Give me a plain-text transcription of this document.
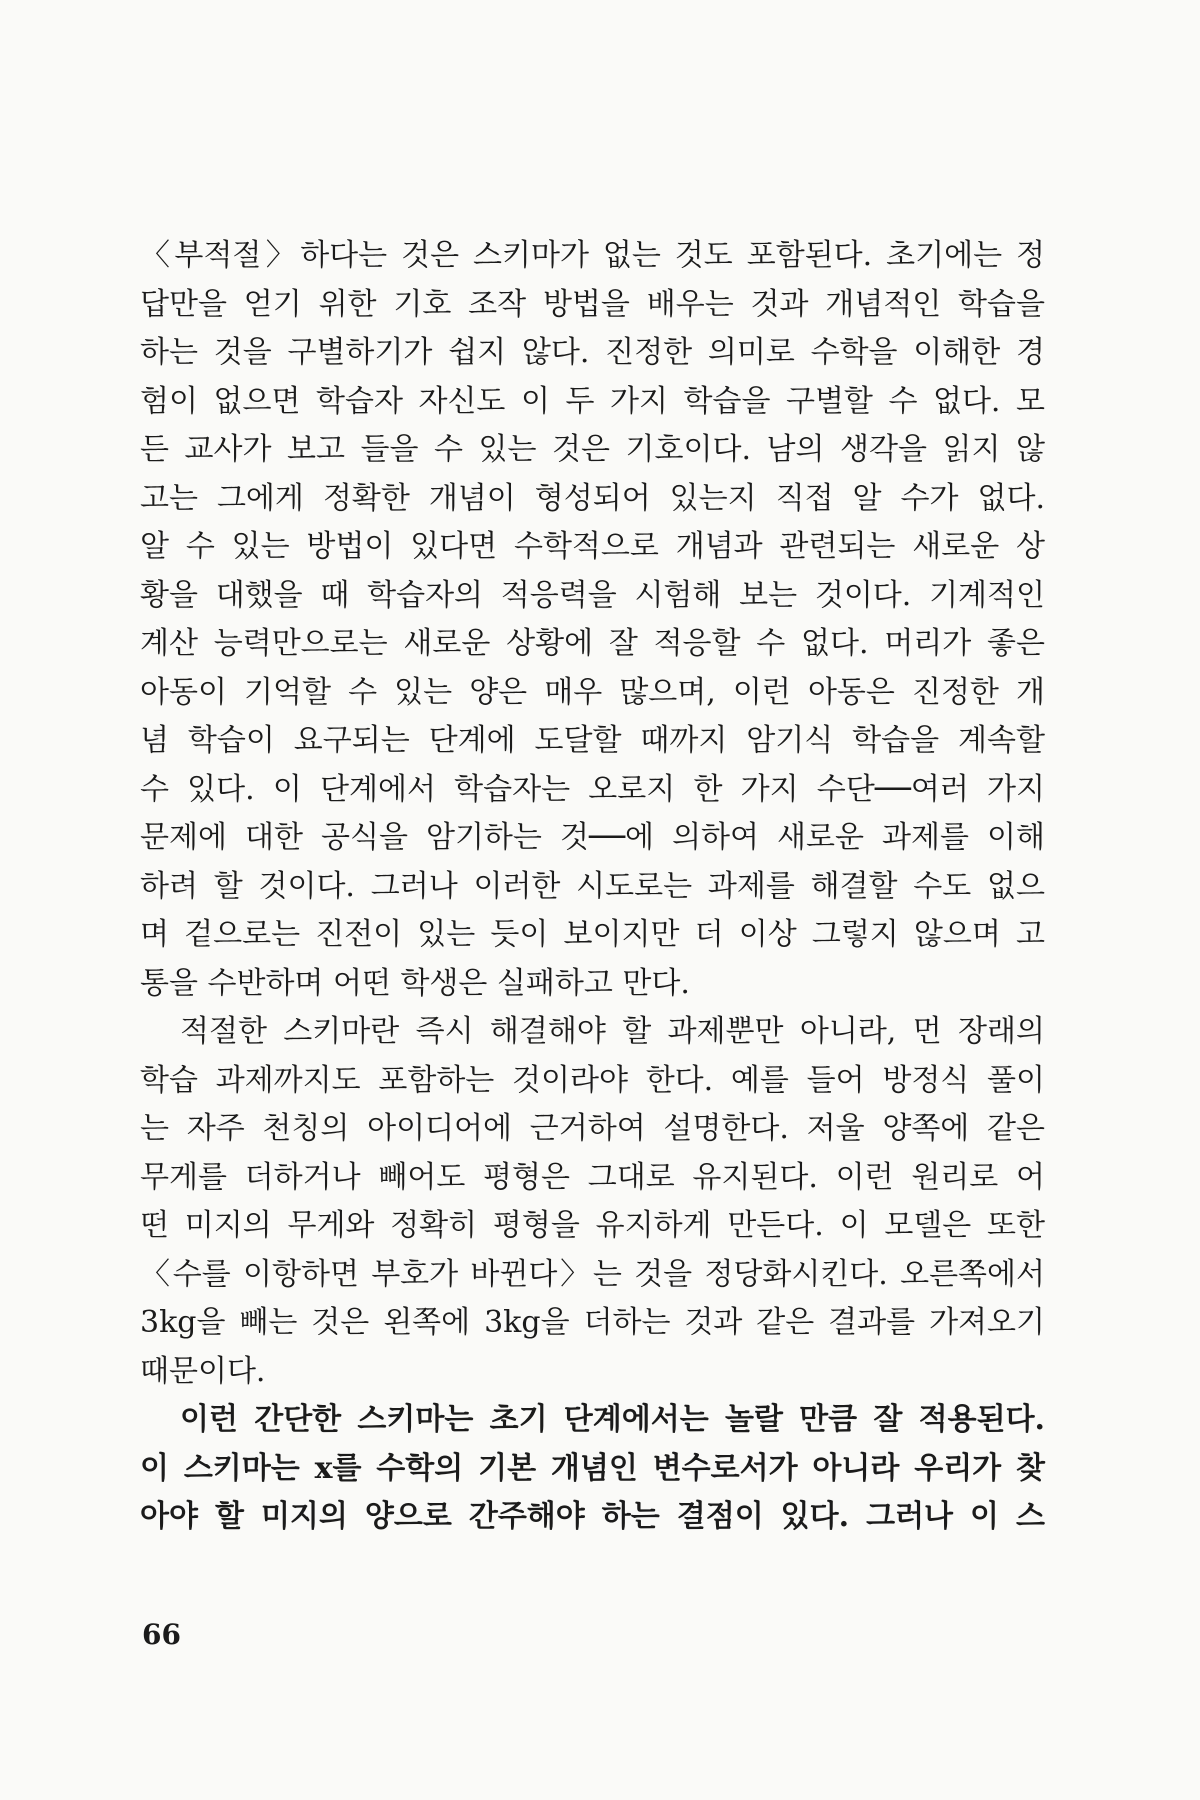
〈부적절〉하다는 것은 스키마가 없는 것도 포함된다. 초기에는 정
답만을 얻기 위한 기호 조작 방법을 배우는 것과 개념적인 학습을
하는 것을 구별하기가 쉽지 않다. 진정한 의미로 수학을 이해한 경
험이 없으면 학습자 자신도 이 두 가지 학습을 구별할 수 없다. 모
든 교사가 보고 들을 수 있는 것은 기호이다. 남의 생각을 읽지 않
고는 그에게 정확한 개념이 형성되어 있는지 직접 알 수가 없다.
알 수 있는 방법이 있다면 수학적으로 개념과 관련되는 새로운 상
황을 대했을 때 학습자의 적응력을 시험해 보는 것이다. 기계적인
계산 능력만으로는 새로운 상황에 잘 적응할 수 없다. 머리가 좋은
아동이 기억할 수 있는 양은 매우 많으며, 이런 아동은 진정한 개
념 학습이 요구되는 단계에 도달할 때까지 암기식 학습을 계속할
수 있다. 이 단계에서 학습자는 오로지 한 가지 수단──여러 가지
문제에 대한 공식을 암기하는 것──에 의하여 새로운 과제를 이해
하려 할 것이다. 그러나 이러한 시도로는 과제를 해결할 수도 없으
며 겉으로는 진전이 있는 듯이 보이지만 더 이상 그렇지 않으며 고
통을 수반하며 어떤 학생은 실패하고 만다.
적절한 스키마란 즉시 해결해야 할 과제뿐만 아니라, 먼 장래의
학습 과제까지도 포함하는 것이라야 한다. 예를 들어 방정식 풀이
는 자주 천칭의 아이디어에 근거하여 설명한다. 저울 양쪽에 같은
무게를 더하거나 빼어도 평형은 그대로 유지된다. 이런 원리로 어
떤 미지의 무게와 정확히 평형을 유지하게 만든다. 이 모델은 또한
〈수를 이항하면 부호가 바뀐다〉는 것을 정당화시킨다. 오른쪽에서
3kg을 빼는 것은 왼쪽에 3kg을 더하는 것과 같은 결과를 가져오기
때문이다.
이런 간단한 스키마는 초기 단계에서는 놀랄 만큼 잘 적용된다.
이 스키마는 x를 수학의 기본 개념인 변수로서가 아니라 우리가 찾
아야 할 미지의 양으로 간주해야 하는 결점이 있다. 그러나 이 스
66
